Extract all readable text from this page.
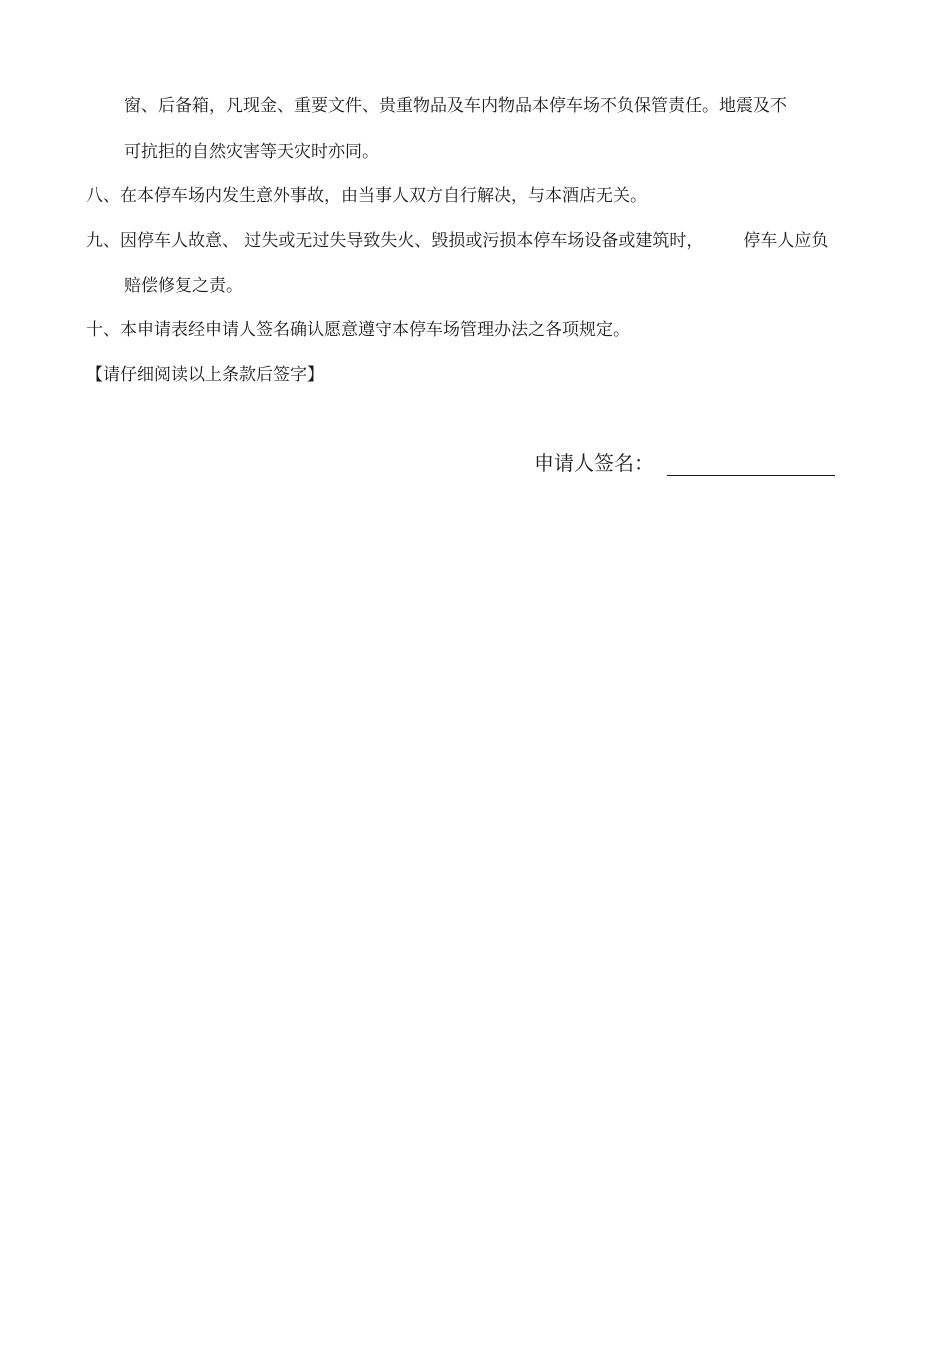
窗、后备箱，凡现金、重要文件、贵重物品及车内物品本停车场不负保管责任。地震及不
可抗拒的自然灾害等天灾时亦同。
八、在本停车场内发生意外事故，由当事人双方自行解决，与本酒店无关。
九、因停车人故意、 过失或无过失导致失火、毁损或污损本停车场设备或建筑时， 停车人应负
赔偿修复之责。
十、本申请表经申请人签名确认愿意遵守本停车场管理办法之各项规定。
【请仔细阅读以上条款后签字】
申请人签名：
